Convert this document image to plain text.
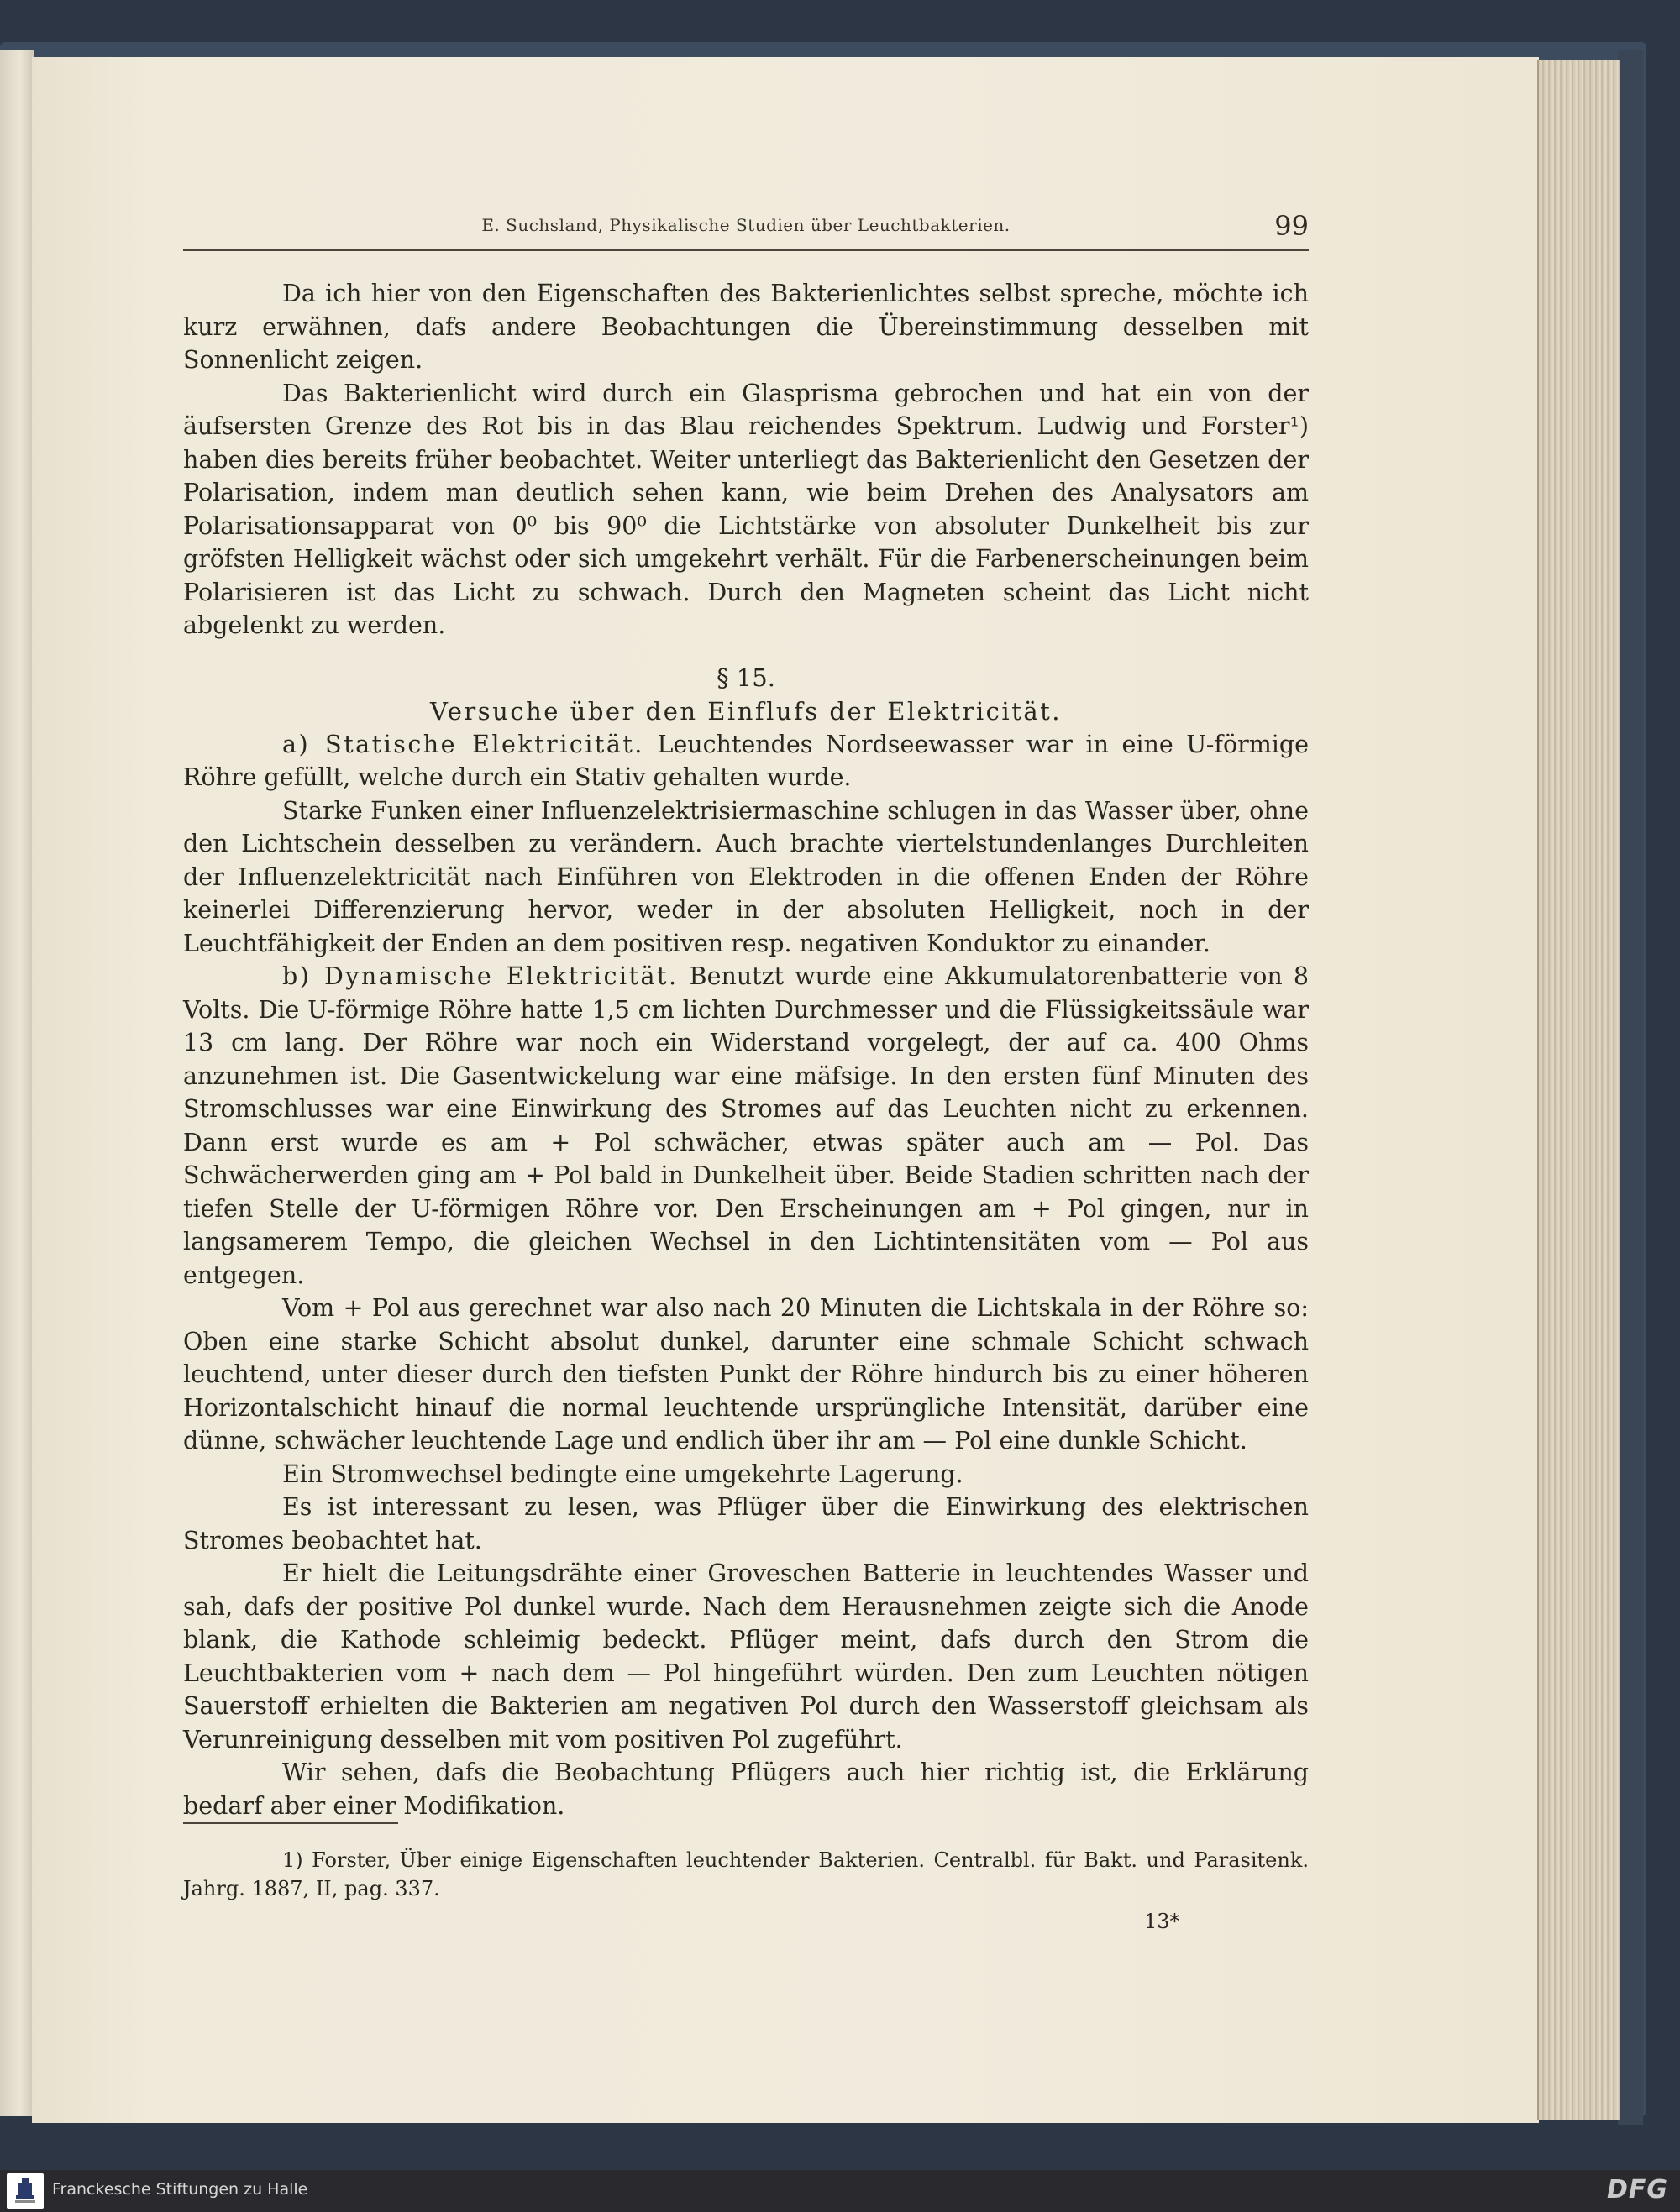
E. Suchsland, Physikalische Studien über Leuchtbakterien.	99

Da ich hier von den Eigenschaften des Bakterienlichtes selbst spreche, möchte ich kurz erwähnen, dafs andere Beobachtungen die Übereinstimmung desselben mit Sonnenlicht zeigen.

Das Bakterienlicht wird durch ein Glasprisma gebrochen und hat ein von der äufsersten Grenze des Rot bis in das Blau reichendes Spektrum. Ludwig und Forster¹) haben dies bereits früher beobachtet. Weiter unterliegt das Bakterienlicht den Gesetzen der Polarisation, indem man deutlich sehen kann, wie beim Drehen des Analysators am Polarisationsapparat von 0⁰ bis 90⁰ die Lichtstärke von absoluter Dunkelheit bis zur gröfsten Helligkeit wächst oder sich umgekehrt verhält. Für die Farbenerscheinungen beim Polarisieren ist das Licht zu schwach. Durch den Magneten scheint das Licht nicht abgelenkt zu werden.

§ 15.
Versuche über den Einflufs der Elektricität.

a) Statische Elektricität. Leuchtendes Nordseewasser war in eine U-förmige Röhre gefüllt, welche durch ein Stativ gehalten wurde.

Starke Funken einer Influenzelektrisiermaschine schlugen in das Wasser über, ohne den Lichtschein desselben zu verändern. Auch brachte viertelstundenlanges Durchleiten der Influenzelektricität nach Einführen von Elektroden in die offenen Enden der Röhre keinerlei Differenzierung hervor, weder in der absoluten Helligkeit, noch in der Leuchtfähigkeit der Enden an dem positiven resp. negativen Konduktor zu einander.

b) Dynamische Elektricität. Benutzt wurde eine Akkumulatorenbatterie von 8 Volts. Die U-förmige Röhre hatte 1,5 cm lichten Durchmesser und die Flüssigkeitssäule war 13 cm lang. Der Röhre war noch ein Widerstand vorgelegt, der auf ca. 400 Ohms anzunehmen ist. Die Gasentwickelung war eine mäfsige. In den ersten fünf Minuten des Stromschlusses war eine Einwirkung des Stromes auf das Leuchten nicht zu erkennen. Dann erst wurde es am + Pol schwächer, etwas später auch am — Pol. Das Schwächerwerden ging am + Pol bald in Dunkelheit über. Beide Stadien schritten nach der tiefen Stelle der U-förmigen Röhre vor. Den Erscheinungen am + Pol gingen, nur in langsamerem Tempo, die gleichen Wechsel in den Lichtintensitäten vom — Pol aus entgegen.

Vom + Pol aus gerechnet war also nach 20 Minuten die Lichtskala in der Röhre so: Oben eine starke Schicht absolut dunkel, darunter eine schmale Schicht schwach leuchtend, unter dieser durch den tiefsten Punkt der Röhre hindurch bis zu einer höheren Horizontalschicht hinauf die normal leuchtende ursprüngliche Intensität, darüber eine dünne, schwächer leuchtende Lage und endlich über ihr am — Pol eine dunkle Schicht.

Ein Stromwechsel bedingte eine umgekehrte Lagerung.

Es ist interessant zu lesen, was Pflüger über die Einwirkung des elektrischen Stromes beobachtet hat.

Er hielt die Leitungsdrähte einer Groveschen Batterie in leuchtendes Wasser und sah, dafs der positive Pol dunkel wurde. Nach dem Herausnehmen zeigte sich die Anode blank, die Kathode schleimig bedeckt. Pflüger meint, dafs durch den Strom die Leuchtbakterien vom + nach dem — Pol hingeführt würden. Den zum Leuchten nötigen Sauerstoff erhielten die Bakterien am negativen Pol durch den Wasserstoff gleichsam als Verunreinigung desselben mit vom positiven Pol zugeführt.

Wir sehen, dafs die Beobachtung Pflügers auch hier richtig ist, die Erklärung bedarf aber einer Modifikation.

1) Forster, Über einige Eigenschaften leuchtender Bakterien. Centralbl. für Bakt. und Parasitenk. Jahrg. 1887, II, pag. 337.

13*
Franckesche Stiftungen zu Halle	DFG
